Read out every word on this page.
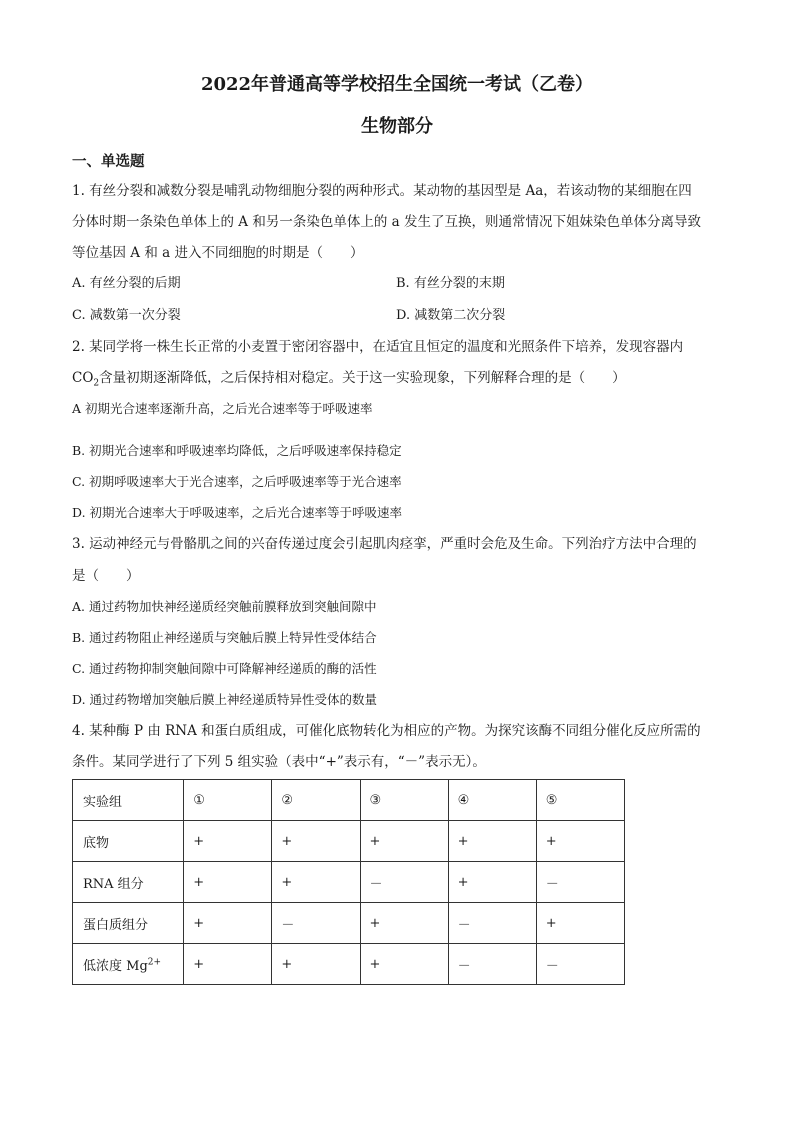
2022年普通高等学校招生全国统一考试（乙卷）
生物部分
一、单选题
1. 有丝分裂和减数分裂是哺乳动物细胞分裂的两种形式。某动物的基因型是 Aa，若该动物的某细胞在四
分体时期一条染色单体上的 A 和另一条染色单体上的 a 发生了互换，则通常情况下姐妹染色单体分离导致
等位基因 A 和 a 进入不同细胞的时期是（　　）
A. 有丝分裂的后期	B. 有丝分裂的末期
C. 减数第一次分裂	D. 减数第二次分裂
2. 某同学将一株生长正常的小麦置于密闭容器中，在适宜且恒定的温度和光照条件下培养，发现容器内
$CO_2$含量初期逐渐降低，之后保持相对稳定。关于这一实验现象，下列解释合理的是（　　）
A 初期光合速率逐渐升高，之后光合速率等于呼吸速率
B. 初期光合速率和呼吸速率均降低，之后呼吸速率保持稳定
C. 初期呼吸速率大于光合速率，之后呼吸速率等于光合速率
D. 初期光合速率大于呼吸速率，之后光合速率等于呼吸速率
3. 运动神经元与骨骼肌之间的兴奋传递过度会引起肌肉痉挛，严重时会危及生命。下列治疗方法中合理的
是（　　）
A. 通过药物加快神经递质经突触前膜释放到突触间隙中
B. 通过药物阻止神经递质与突触后膜上特异性受体结合
C. 通过药物抑制突触间隙中可降解神经递质的酶的活性
D. 通过药物增加突触后膜上神经递质特异性受体的数量
4. 某种酶 P 由 RNA 和蛋白质组成，可催化底物转化为相应的产物。为探究该酶不同组分催化反应所需的
条件。某同学进行了下列 5 组实验（表中“+”表示有，“－”表示无）。
实验组	①	②	③	④	⑤
底物	+	+	+	+	+
RNA 组分	+	+	－	+	－
蛋白质组分	+	－	+	－	+
低浓度 $Mg^{2+}$	+	+	+	－	－
